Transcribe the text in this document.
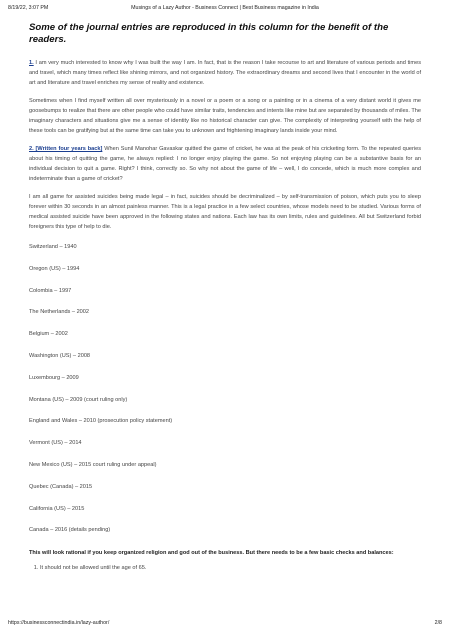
8/19/22, 3:07 PM	Musings of a Lazy Author - Business Connect | Best Business magazine in India
Some of the journal entries are reproduced in this column for the benefit of the readers.

1. I am very much interested to know why I was built the way I am. In fact, that is the reason I take recourse to art and literature of various periods and times and travel, which many times reflect like shining mirrors, and not organized history. The extraordinary dreams and second lives that I encounter in the world of art and literature and travel enriches my sense of reality and existence.

Sometimes when I find myself written all over mysteriously in a novel or a poem or a song or a painting or in a cinema of a very distant world it gives me goosebumps to realize that there are other people who could have similar traits, tendencies and intents like mine but are separated by thousands of miles. The imaginary characters and situations give me a sense of identity like no historical character can give. The complexity of interpreting yourself with the help of these tools can be gratifying but at the same time can take you to unknown and frightening imaginary lands inside your mind.

2. [Written four years back] When Sunil Manohar Gavaskar quitted the game of cricket, he was at the peak of his cricketing form. To the repeated queries about his timing of quitting the game, he always replied: I no longer enjoy playing the game. So not enjoying playing can be a substantive basis for an individual decision to quit a game. Right? I think, correctly so. So why not about the game of life – well, I do concede, which is much more complex and indeterminate than a game of cricket?

I am all game for assisted suicides being made legal – in fact, suicides should be decriminalized – by self-transmission of poison, which puts you to sleep forever within 30 seconds in an almost painless manner. This is a legal practice in a few select countries, whose models need to be studied. Various forms of medical assisted suicide have been approved in the following states and nations. Each law has its own limits, rules and guidelines. All but Switzerland forbid foreigners this type of help to die.

Switzerland – 1940

Oregon (US) – 1994

Colombia – 1997

The Netherlands – 2002

Belgium – 2002

Washington (US) – 2008

Luxembourg – 2009

Montana (US) – 2009 (court ruling only)

England and Wales – 2010 (prosecution policy statement)

Vermont (US) – 2014

New Mexico (US) – 2015 court ruling under appeal)

Quebec (Canada) – 2015

California (US) – 2015

Canada – 2016 (details pending)

This will look rational if you keep organized religion and god out of the business. But there needs to be a few basic checks and balances:

1. It should not be allowed until the age of 65.
https://businessconnectindia.in/lazy-author/	2/8
